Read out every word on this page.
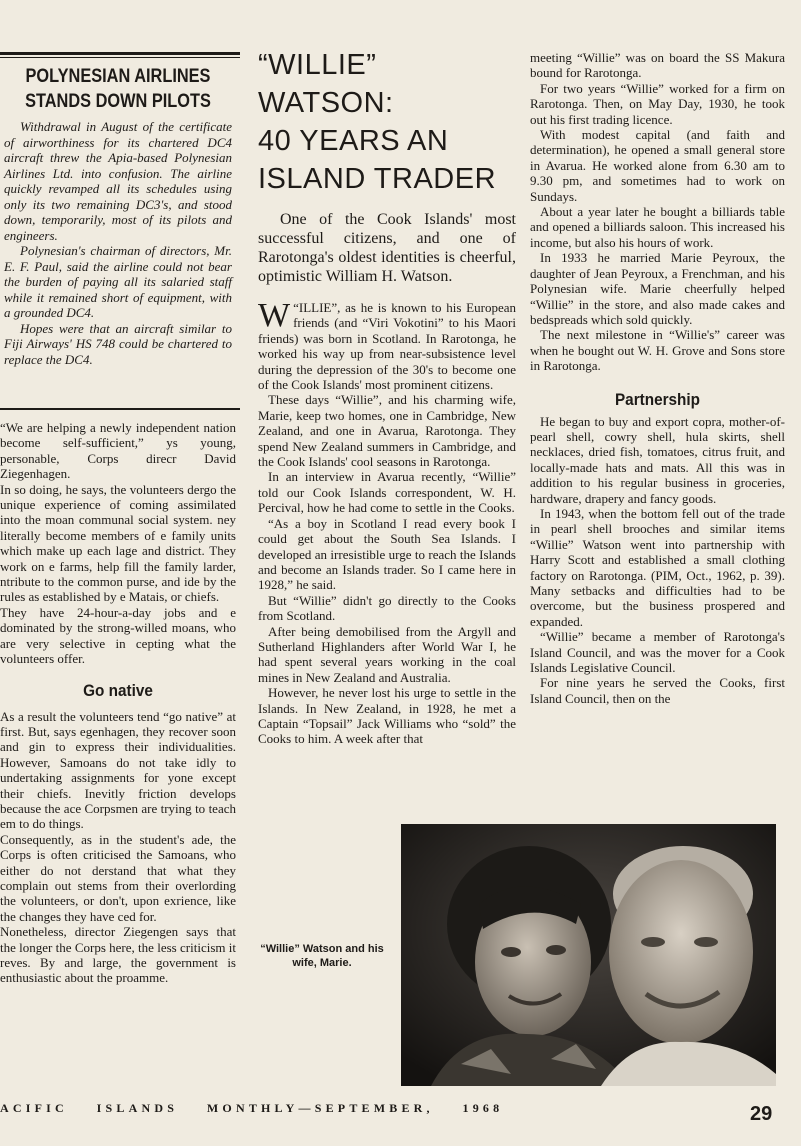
POLYNESIAN AIRLINES STANDS DOWN PILOTS

Withdrawal in August of the certificate of airworthiness for its chartered DC4 aircraft threw the Apia-based Polynesian Airlines Ltd. into confusion. The airline quickly revamped all its schedules using only its two remaining DC3's, and stood down, temporarily, most of its pilots and engineers.

Polynesian's chairman of directors, Mr. E. F. Paul, said the airline could not bear the burden of paying all its salaried staff while it remained short of equipment, with a grounded DC4.

Hopes were that an aircraft similar to Fiji Airways' HS 748 could be chartered to replace the DC4.

“We are helping a newly independent nation become self-sufficient,” ys young, personable, Corps direcr David Ziegenhagen.

In so doing, he says, the volunteers dergo the unique experience of coming assimilated into the moan communal social system. ney literally become members of e family units which make up each lage and district. They work on e farms, help fill the family larder, ntribute to the common purse, and ide by the rules as established by e Matais, or chiefs.

They have 24-hour-a-day jobs and e dominated by the strong-willed moans, who are very selective in cepting what the volunteers offer.

Go native

As a result the volunteers tend “go native” at first. But, says egenhagen, they recover soon and gin to express their individualities. However, Samoans do not take idly to undertaking assignments for yone except their chiefs. Inevitly friction develops because the ace Corpsmen are trying to teach em to do things.

Consequently, as in the student's ade, the Corps is often criticised the Samoans, who either do not derstand that what they complain out stems from their overlording the volunteers, or don't, upon exrience, like the changes they have ced for.

Nonetheless, director Ziegengen says that the longer the Corps here, the less criticism it reves. By and large, the government is enthusiastic about the proamme.

“WILLIE” WATSON:
40 YEARS AN
ISLAND TRADER

One of the Cook Islands' most successful citizens, and one of Rarotonga's oldest identities is cheerful, optimistic William H. Watson.

“
W ILLIE”, as he is known to his European friends (and “Viri Vokotini” to his Maori friends) was born in Scotland. In Rarotonga, he worked his way up from near-subsistence level during the depression of the 30's to become one of the Cook Islands' most prominent citizens.

These days “Willie”, and his charming wife, Marie, keep two homes, one in Cambridge, New Zealand, and one in Avarua, Rarotonga. They spend New Zealand summers in Cambridge, and the Cook Islands' cool seasons in Rarotonga.

In an interview in Avarua recently, “Willie” told our Cook Islands correspondent, W. H. Percival, how he had come to settle in the Cooks.

“As a boy in Scotland I read every book I could get about the South Sea Islands. I developed an irresistible urge to reach the Islands and become an Islands trader. So I came here in 1928,” he said.

But “Willie” didn't go directly to the Cooks from Scotland.

After being demobilised from the Argyll and Sutherland Highlanders after World War I, he had spent several years working in the coal mines in New Zealand and Australia.

However, he never lost his urge to settle in the Islands. In New Zealand, in 1928, he met a Captain “Topsail” Jack Williams who “sold” the Cooks to him. A week after that

meeting “Willie” was on board the SS Makura bound for Rarotonga.

For two years “Willie” worked for a firm on Rarotonga. Then, on May Day, 1930, he took out his first trading licence.

With modest capital (and faith and determination), he opened a small general store in Avarua. He worked alone from 6.30 am to 9.30 pm, and sometimes had to work on Sundays.

About a year later he bought a billiards table and opened a billiards saloon. This increased his income, but also his hours of work.

In 1933 he married Marie Peyroux, the daughter of Jean Peyroux, a Frenchman, and his Polynesian wife. Marie cheerfully helped “Willie” in the store, and also made cakes and bedspreads which sold quickly.

The next milestone in “Willie's” career was when he bought out W. H. Grove and Sons store in Rarotonga.

Partnership

He began to buy and export copra, mother-of-pearl shell, cowry shell, hula skirts, shell necklaces, dried fish, tomatoes, citrus fruit, and locally-made hats and mats. All this was in addition to his regular business in groceries, hardware, drapery and fancy goods.

In 1943, when the bottom fell out of the trade in pearl shell brooches and similar items “Willie” Watson went into partnership with Harry Scott and established a small clothing factory on Rarotonga. (PIM, Oct., 1962, p. 39). Many setbacks and difficulties had to be overcome, but the business prospered and expanded.

“Willie” became a member of Rarotonga's Island Council, and was the mover for a Cook Islands Legislative Council.

For nine years he served the Cooks, first Island Council, then on the

“Willie” Watson and his wife, Marie.
ACIFIC    ISLANDS    MONTHLY—SEPTEMBER,    1968	29
